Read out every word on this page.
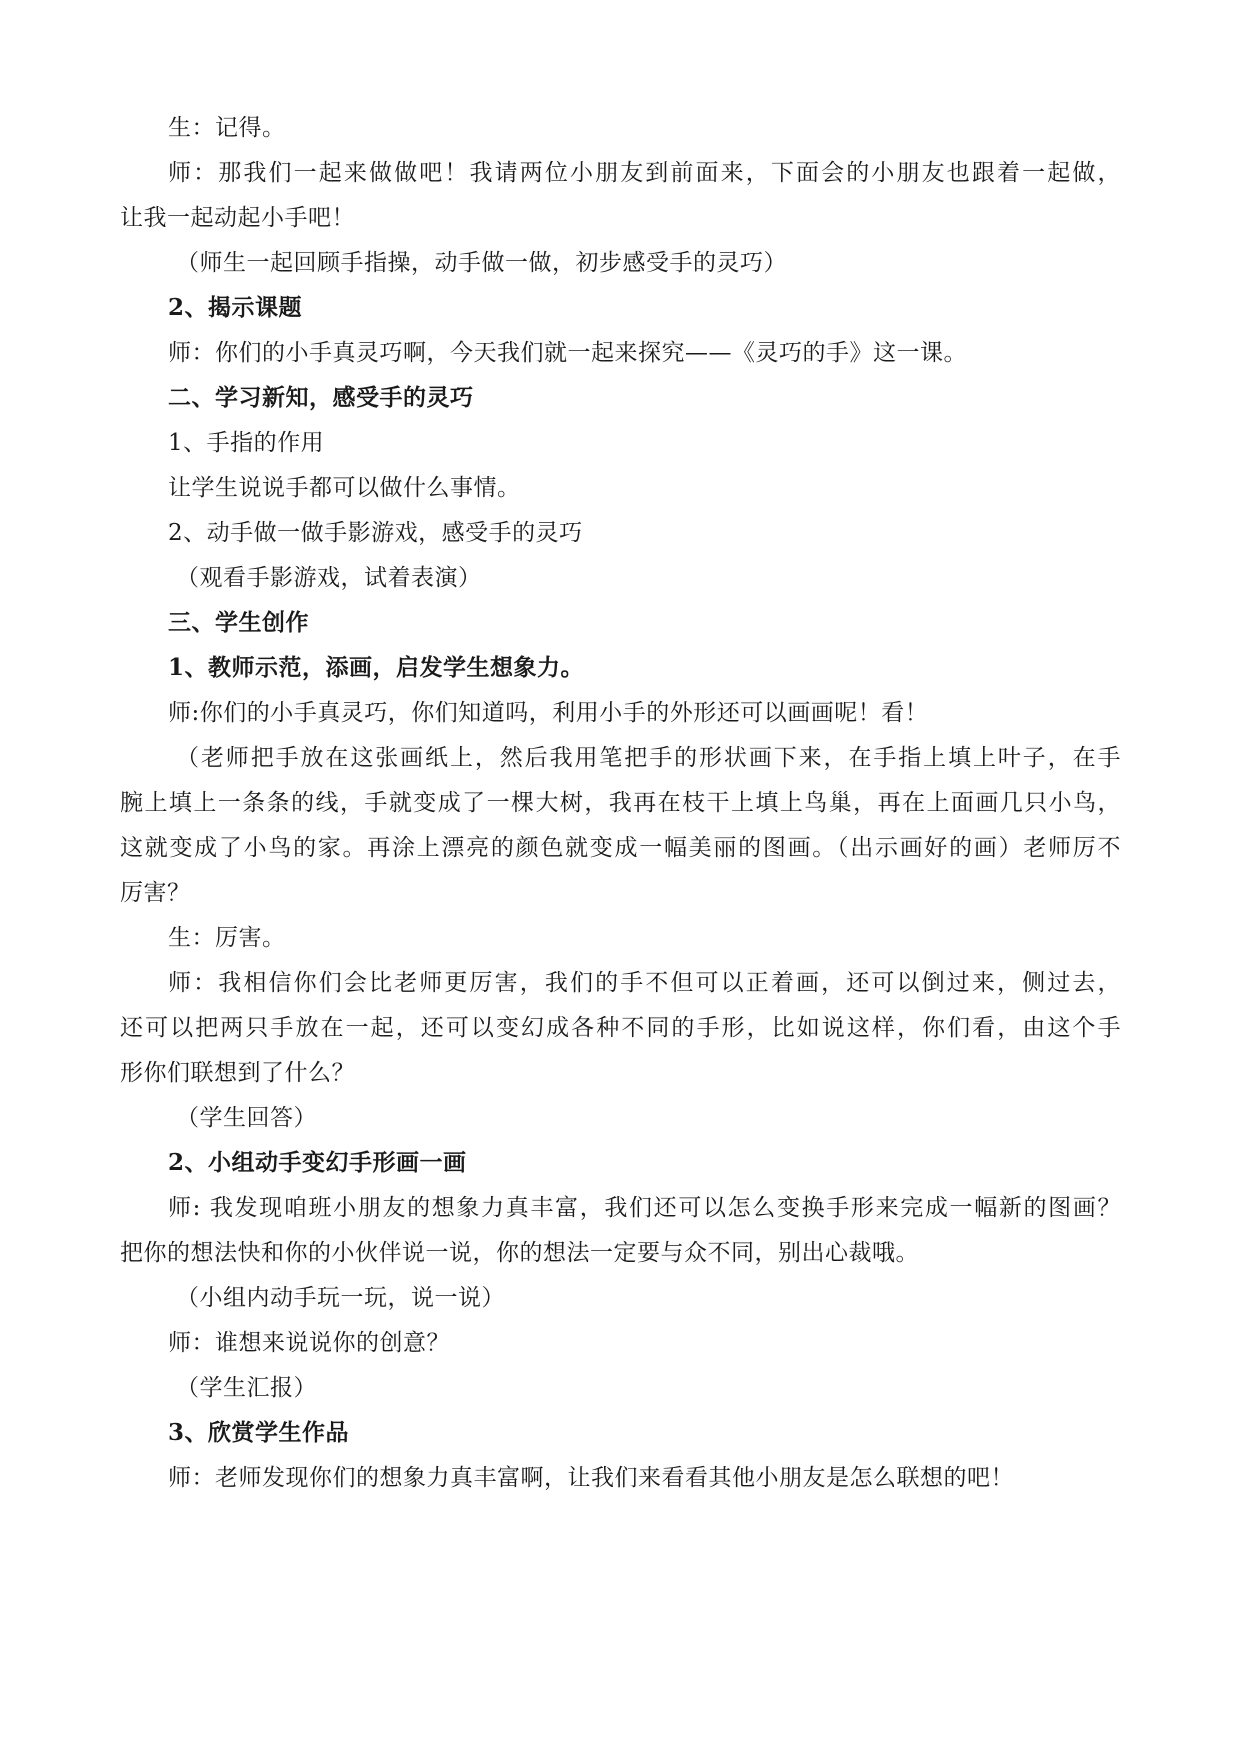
生：记得。
师：那我们一起来做做吧！我请两位小朋友到前面来，下面会的小朋友也跟着一起做，
让我一起动起小手吧！
（师生一起回顾手指操，动手做一做，初步感受手的灵巧）
2、揭示课题
师：你们的小手真灵巧啊，今天我们就一起来探究——《灵巧的手》这一课。
二、学习新知，感受手的灵巧
1、手指的作用
让学生说说手都可以做什么事情。
2、动手做一做手影游戏，感受手的灵巧
（观看手影游戏，试着表演）
三、学生创作
1、教师示范，添画，启发学生想象力。
师:你们的小手真灵巧，你们知道吗，利用小手的外形还可以画画呢！看！
（老师把手放在这张画纸上，然后我用笔把手的形状画下来，在手指上填上叶子，在手
腕上填上一条条的线，手就变成了一棵大树，我再在枝干上填上鸟巢，再在上面画几只小鸟，
这就变成了小鸟的家。再涂上漂亮的颜色就变成一幅美丽的图画。（出示画好的画）老师厉不
厉害？
生：厉害。
师：我相信你们会比老师更厉害，我们的手不但可以正着画，还可以倒过来，侧过去，
还可以把两只手放在一起，还可以变幻成各种不同的手形，比如说这样，你们看，由这个手
形你们联想到了什么？
（学生回答）
2、小组动手变幻手形画一画
师: 我发现咱班小朋友的想象力真丰富，我们还可以怎么变换手形来完成一幅新的图画？
把你的想法快和你的小伙伴说一说，你的想法一定要与众不同，别出心裁哦。
（小组内动手玩一玩，说一说）
师：谁想来说说你的创意？
（学生汇报）
3、欣赏学生作品
师：老师发现你们的想象力真丰富啊，让我们来看看其他小朋友是怎么联想的吧！
